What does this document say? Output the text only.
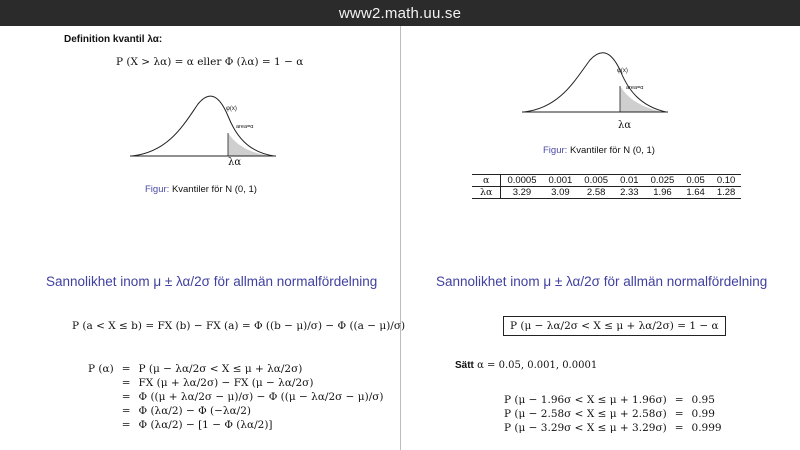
www2.math.uu.se
Definition kvantil λα:
P (X > λα) = α eller Φ (λα) = 1 − α
φ(x)
area=α
λα
Figur: Kvantiler för N (0, 1)
φ(x)
area=α
λα
Figur: Kvantiler för N (0, 1)
α	0.0005	0.001	0.005	0.01	0.025	0.05	0.10
λα	3.29	3.09	2.58	2.33	1.96	1.64	1.28
Sannolikhet inom μ ± λα/2σ för allmän normalfördelning
P (a < X ≤ b) = FX (b) − FX (a) = Φ ((b − μ)/σ) − Φ ((a − μ)/σ)
P (α)	=	P (μ − λα/2σ < X ≤ μ + λα/2σ)
	=	FX (μ + λα/2σ) − FX (μ − λα/2σ)
	=	Φ ((μ + λα/2σ − μ)/σ) − Φ ((μ − λα/2σ − μ)/σ)
	=	Φ (λα/2) − Φ (−λα/2)
	=	Φ (λα/2) − [1 − Φ (λα/2)]
Sannolikhet inom μ ± λα/2σ för allmän normalfördelning
P (μ − λα/2σ < X ≤ μ + λα/2σ) = 1 − α
Sätt α = 0.05, 0.001, 0.0001
P (μ − 1.96σ < X ≤ μ + 1.96σ)	=	0.95
P (μ − 2.58σ < X ≤ μ + 2.58σ)	=	0.99
P (μ − 3.29σ < X ≤ μ + 3.29σ)	=	0.999
